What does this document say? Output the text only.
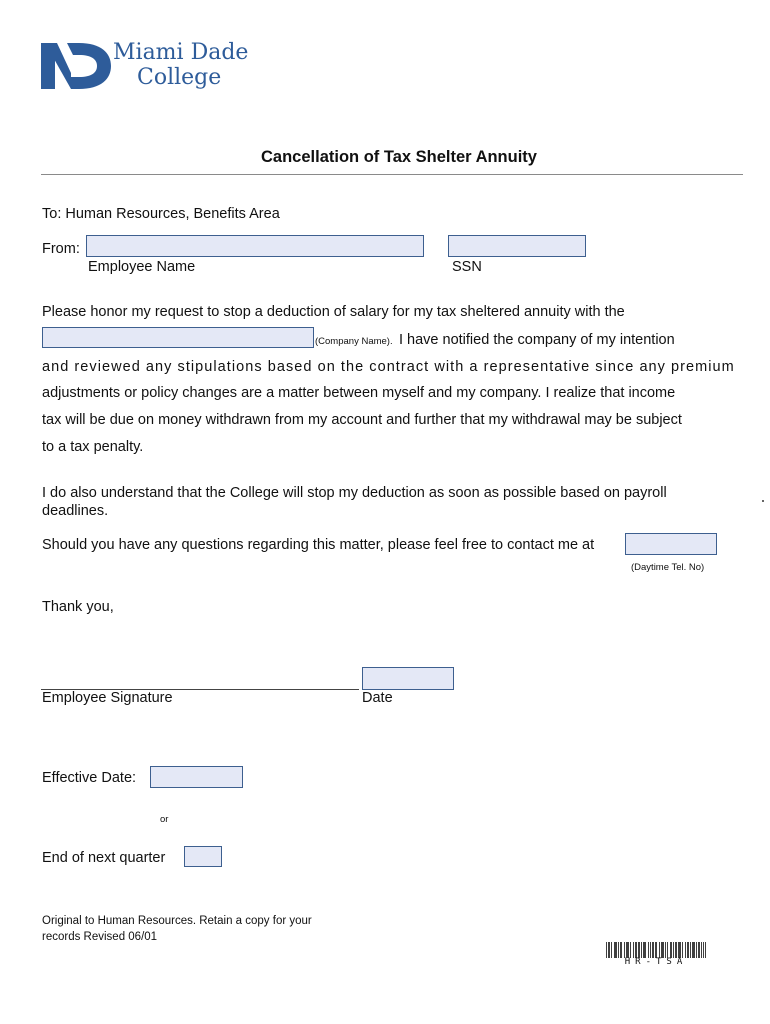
Miami Dade
College
Cancellation of Tax Shelter Annuity
To: Human Resources, Benefits Area
From:
Employee Name	SSN
Please honor my request to stop a deduction of salary for my tax sheltered annuity with the
(Company Name). I have notified the company of my intention
and reviewed any stipulations based on the contract with a representative since any premium
adjustments or policy changes are a matter between myself and my company. I realize that income
tax will be due on money withdrawn from my account and further that my withdrawal may be subject
to a tax penalty.
I do also understand that the College will stop my deduction as soon as possible based on payroll
deadlines.
Should you have any questions regarding this matter, please feel free to contact me at
(Daytime Tel. No)
Thank you,
Employee Signature	Date
Effective Date:
or
End of next quarter
Original to Human Resources. Retain a copy for your
records Revised 06/01
HR-TSA
